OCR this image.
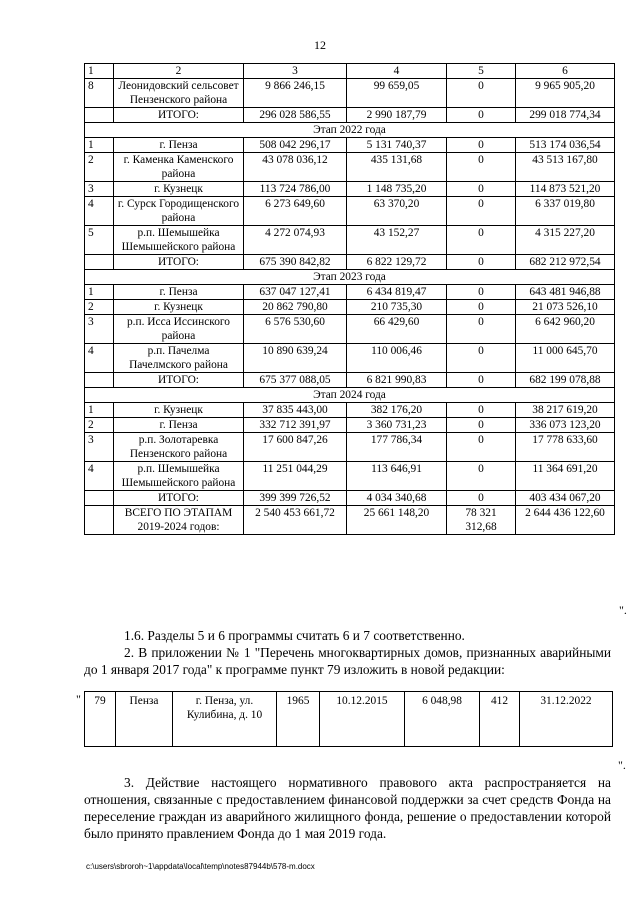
12
1	2	3	4	5	6
8	Леонидовский сельсовет Пензенского района	9 866 246,15	99 659,05	0	9 965 905,20
	ИТОГО:	296 028 586,55	2 990 187,79	0	299 018 774,34
Этап 2022 года					
1	г. Пенза	508 042 296,17	5 131 740,37	0	513 174 036,54
2	г. Каменка Каменского района	43 078 036,12	435 131,68	0	43 513 167,80
3	г. Кузнецк	113 724 786,00	1 148 735,20	0	114 873 521,20
4	г. Сурск Городищенского района	6 273 649,60	63 370,20	0	6 337 019,80
5	р.п. Шемышейка Шемышейского района	4 272 074,93	43 152,27	0	4 315 227,20
	ИТОГО:	675 390 842,82	6 822 129,72	0	682 212 972,54
Этап 2023 года					
1	г. Пенза	637 047 127,41	6 434 819,47	0	643 481 946,88
2	г. Кузнецк	20 862 790,80	210 735,30	0	21 073 526,10
3	р.п. Исса Иссинского района	6 576 530,60	66 429,60	0	6 642 960,20
4	р.п. Пачелма Пачелмского района	10 890 639,24	110 006,46	0	11 000 645,70
	ИТОГО:	675 377 088,05	6 821 990,83	0	682 199 078,88
Этап 2024 года					
1	г. Кузнецк	37 835 443,00	382 176,20	0	38 217 619,20
2	г. Пенза	332 712 391,97	3 360 731,23	0	336 073 123,20
3	р.п. Золотаревка Пензенского района	17 600 847,26	177 786,34	0	17 778 633,60
4	р.п. Шемышейка Шемышейского района	11 251 044,29	113 646,91	0	11 364 691,20
	ИТОГО:	399 399 726,52	4 034 340,68	0	403 434 067,20
	ВСЕГО ПО ЭТАПАМ 2019-2024 годов:	2 540 453 661,72	25 661 148,20	78 321 312,68	2 644 436 122,60
".
1.6. Разделы 5 и 6 программы считать 6 и 7 соответственно.
2. В приложении № 1 "Перечень многоквартирных домов, признанных аварийными до 1 января 2017 года" к программе пункт 79 изложить в новой редакции:
" 79	Пенза	г. Пенза, ул. Кулибина, д. 10	1965	10.12.2015	6 048,98	412	31.12.2022
".
3. Действие настоящего нормативного правового акта распространяется на отношения, связанные с предоставлением финансовой поддержки за счет средств Фонда на переселение граждан из аварийного жилищного фонда, решение о предоставлении которой было принято правлением Фонда до 1 мая 2019 года.
c:\users\sbroroh~1\appdata\local\temp\notes87944b\578-m.docx
